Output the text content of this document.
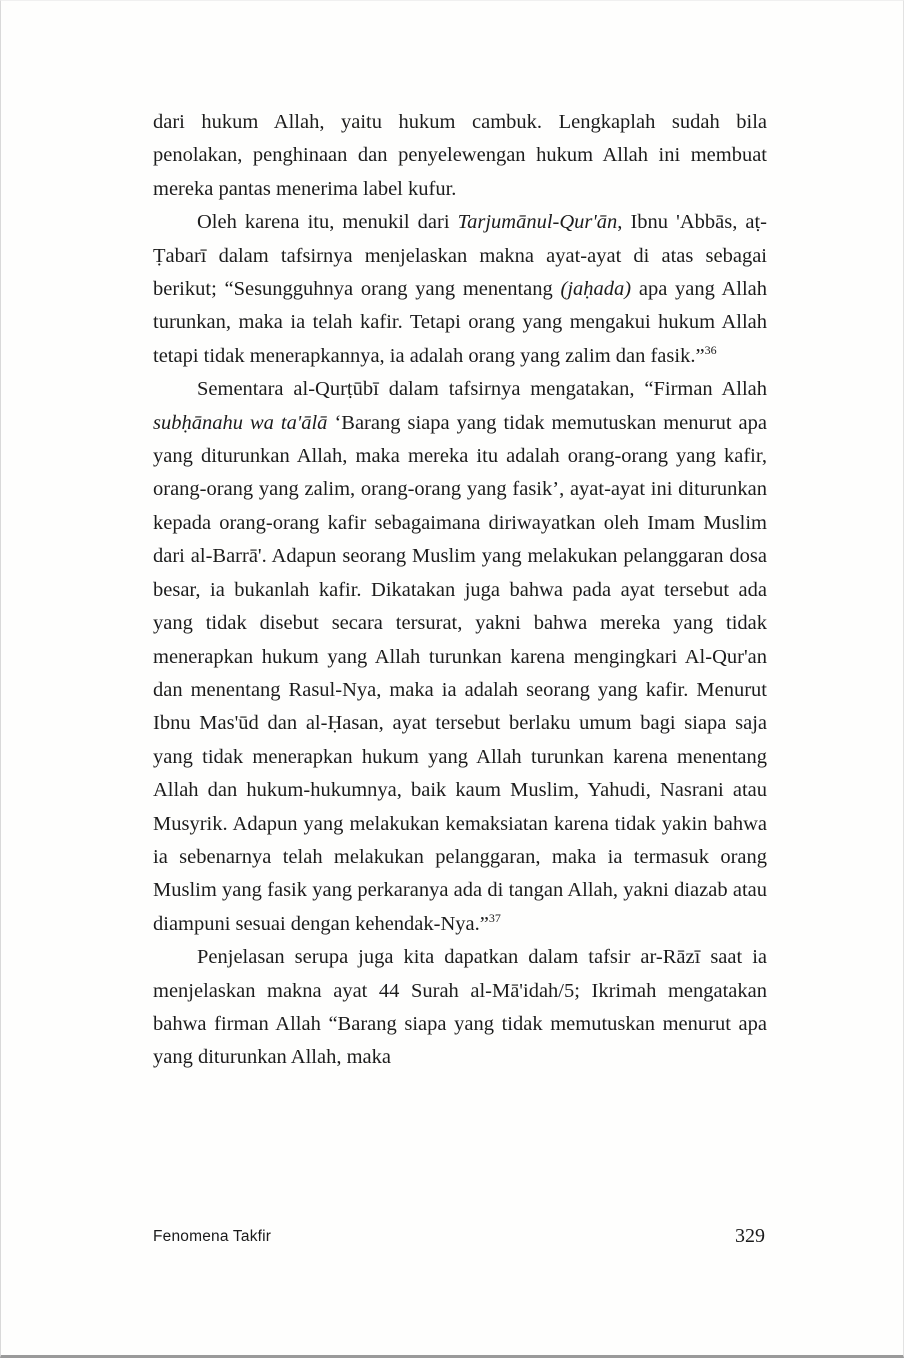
dari hukum Allah, yaitu hukum cambuk. Lengkaplah sudah bila penolakan, penghinaan dan penyelewengan hukum Allah ini membuat mereka pantas menerima label kufur.

Oleh karena itu, menukil dari Tarjumānul-Qur'ān, Ibnu 'Abbās, aṭ-Ṭabarī dalam tafsirnya menjelaskan makna ayat-ayat di atas sebagai berikut; “Sesungguhnya orang yang menentang (jaḥada) apa yang Allah turunkan, maka ia telah kafir. Tetapi orang yang mengakui hukum Allah tetapi tidak menerapkannya, ia adalah orang yang zalim dan fasik.”$^{36}$

Sementara al-Qurṭūbī dalam tafsirnya mengatakan, “Firman Allah subḥānahu wa ta'ālā ‘Barang siapa yang tidak memutuskan menurut apa yang diturunkan Allah, maka mereka itu adalah orang-orang yang kafir, orang-orang yang zalim, orang-orang yang fasik’, ayat-ayat ini diturunkan kepada orang-orang kafir sebagaimana diriwayatkan oleh Imam Muslim dari al-Barrā'. Adapun seorang Muslim yang melakukan pelanggaran dosa besar, ia bukanlah kafir. Dikatakan juga bahwa pada ayat tersebut ada yang tidak disebut secara tersurat, yakni bahwa mereka yang tidak menerapkan hukum yang Allah turunkan karena mengingkari Al-Qur'an dan menentang Rasul-Nya, maka ia adalah seorang yang kafir. Menurut Ibnu Mas'ūd dan al-Ḥasan, ayat tersebut berlaku umum bagi siapa saja yang tidak menerapkan hukum yang Allah turunkan karena menentang Allah dan hukum-hukumnya, baik kaum Muslim, Yahudi, Nasrani atau Musyrik. Adapun yang melakukan kemaksiatan karena tidak yakin bahwa ia sebenarnya telah melakukan pelanggaran, maka ia termasuk orang Muslim yang fasik yang perkaranya ada di tangan Allah, yakni diazab atau diampuni sesuai dengan kehendak-Nya.”$^{37}$

Penjelasan serupa juga kita dapatkan dalam tafsir ar-Rāzī saat ia menjelaskan makna ayat 44 Surah al-Mā'idah/5; Ikrimah mengatakan bahwa firman Allah “Barang siapa yang tidak memutuskan menurut apa yang diturunkan Allah, maka

Fenomena Takfir	329
